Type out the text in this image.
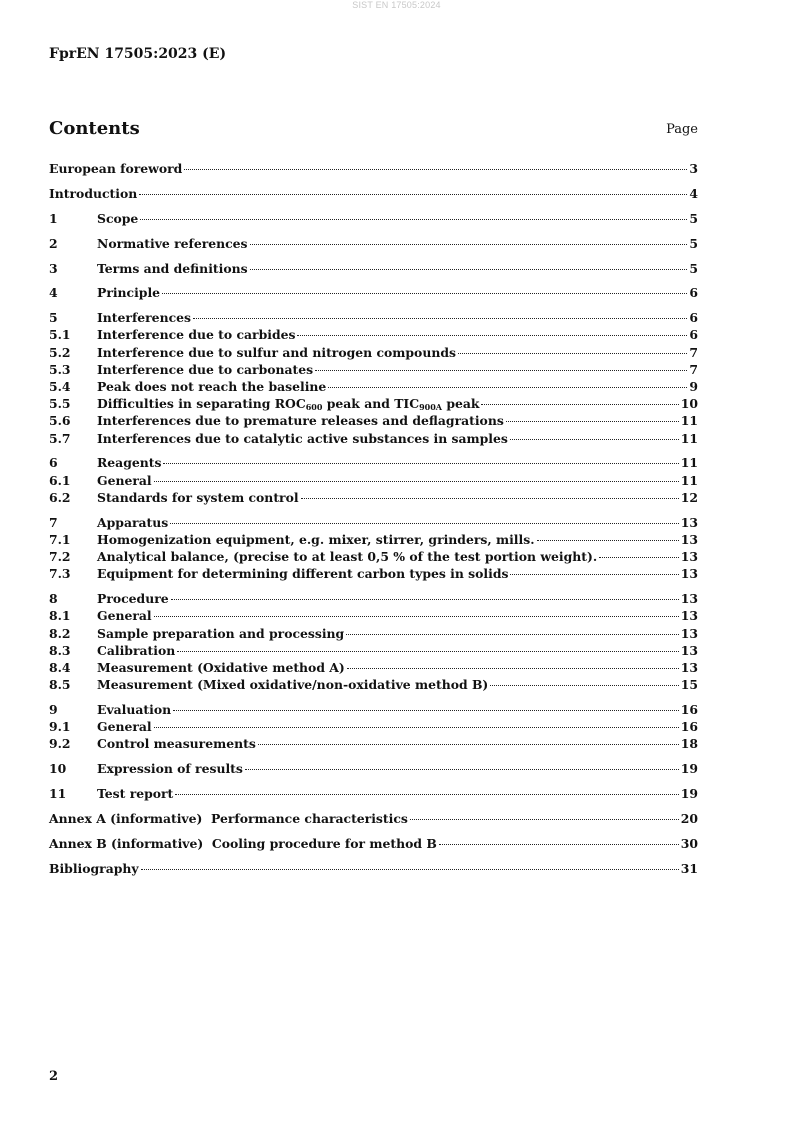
SIST EN 17505:2024
FprEN 17505:2023 (E)
Contents	Page
European foreword	3
Introduction	4
1	Scope	5
2	Normative references	5
3	Terms and definitions	5
4	Principle	6
5	Interferences	6
5.1	Interference due to carbides	6
5.2	Interference due to sulfur and nitrogen compounds	7
5.3	Interference due to carbonates	7
5.4	Peak does not reach the baseline	9
5.5	Difficulties in separating $ROC_{600}$ peak and $TIC_{900A}$ peak	10
5.6	Interferences due to premature releases and deflagrations	11
5.7	Interferences due to catalytic active substances in samples	11
6	Reagents	11
6.1	General	11
6.2	Standards for system control	12
7	Apparatus	13
7.1	Homogenization equipment, e.g. mixer, stirrer, grinders, mills.	13
7.2	Analytical balance, (precise to at least 0,5 % of the test portion weight).	13
7.3	Equipment for determining different carbon types in solids	13
8	Procedure	13
8.1	General	13
8.2	Sample preparation and processing	13
8.3	Calibration	13
8.4	Measurement (Oxidative method A)	13
8.5	Measurement (Mixed oxidative/non-oxidative method B)	15
9	Evaluation	16
9.1	General	16
9.2	Control measurements	18
10	Expression of results	19
11	Test report	19
Annex A (informative)  Performance characteristics	20
Annex B (informative)  Cooling procedure for method B	30
Bibliography	31
2
